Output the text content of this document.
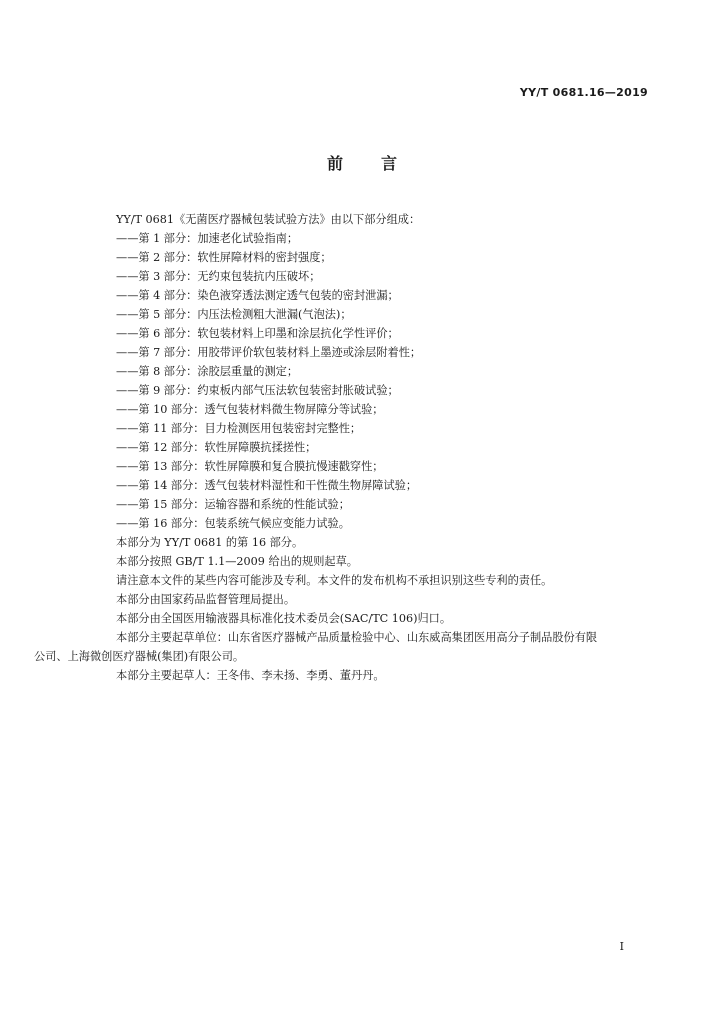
YY/T 0681.16—2019
前 言
YY/T 0681《无菌医疗器械包装试验方法》由以下部分组成：
——第 1 部分：加速老化试验指南；
——第 2 部分：软性屏障材料的密封强度；
——第 3 部分：无约束包装抗内压破坏；
——第 4 部分：染色液穿透法测定透气包装的密封泄漏；
——第 5 部分：内压法检测粗大泄漏(气泡法)；
——第 6 部分：软包装材料上印墨和涂层抗化学性评价；
——第 7 部分：用胶带评价软包装材料上墨迹或涂层附着性；
——第 8 部分：涂胶层重量的测定；
——第 9 部分：约束板内部气压法软包装密封胀破试验；
——第 10 部分：透气包装材料微生物屏障分等试验；
——第 11 部分：目力检测医用包装密封完整性；
——第 12 部分：软性屏障膜抗揉搓性；
——第 13 部分：软性屏障膜和复合膜抗慢速戳穿性；
——第 14 部分：透气包装材料湿性和干性微生物屏障试验；
——第 15 部分：运输容器和系统的性能试验；
——第 16 部分：包装系统气候应变能力试验。
本部分为 YY/T 0681 的第 16 部分。
本部分按照 GB/T 1.1—2009 给出的规则起草。
请注意本文件的某些内容可能涉及专利。本文件的发布机构不承担识别这些专利的责任。
本部分由国家药品监督管理局提出。
本部分由全国医用输液器具标准化技术委员会(SAC/TC 106)归口。
本部分主要起草单位：山东省医疗器械产品质量检验中心、山东威高集团医用高分子制品股份有限
公司、上海微创医疗器械(集团)有限公司。
本部分主要起草人：王冬伟、李未扬、李勇、董丹丹。
I
